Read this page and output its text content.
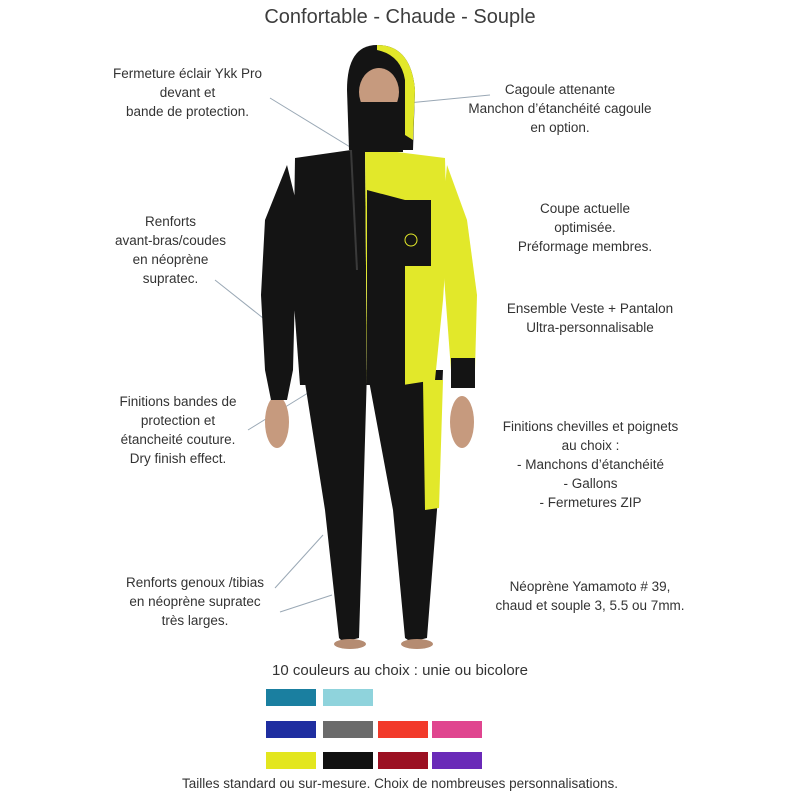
Confortable - Chaude - Souple
Fermeture éclair Ykk Pro
devant et
bande de protection.
Renforts
avant-bras/coudes
en néoprène
supratec.
Finitions bandes de
protection et
étancheité couture.
Dry finish effect.
Renforts genoux /tibias
en néoprène supratec
très larges.
Cagoule attenante
Manchon d’étanchéité cagoule
en option.
Coupe actuelle
optimisée.
Préformage membres.
Ensemble Veste + Pantalon
Ultra-personnalisable
Finitions chevilles et poignets
au choix :
- Manchons d’étanchéité
- Gallons
- Fermetures ZIP
Néoprène Yamamoto # 39,
chaud et souple 3, 5.5 ou 7mm.
10 couleurs au choix : unie ou bicolore
Tailles standard ou sur-mesure. Choix de nombreuses personnalisations.
